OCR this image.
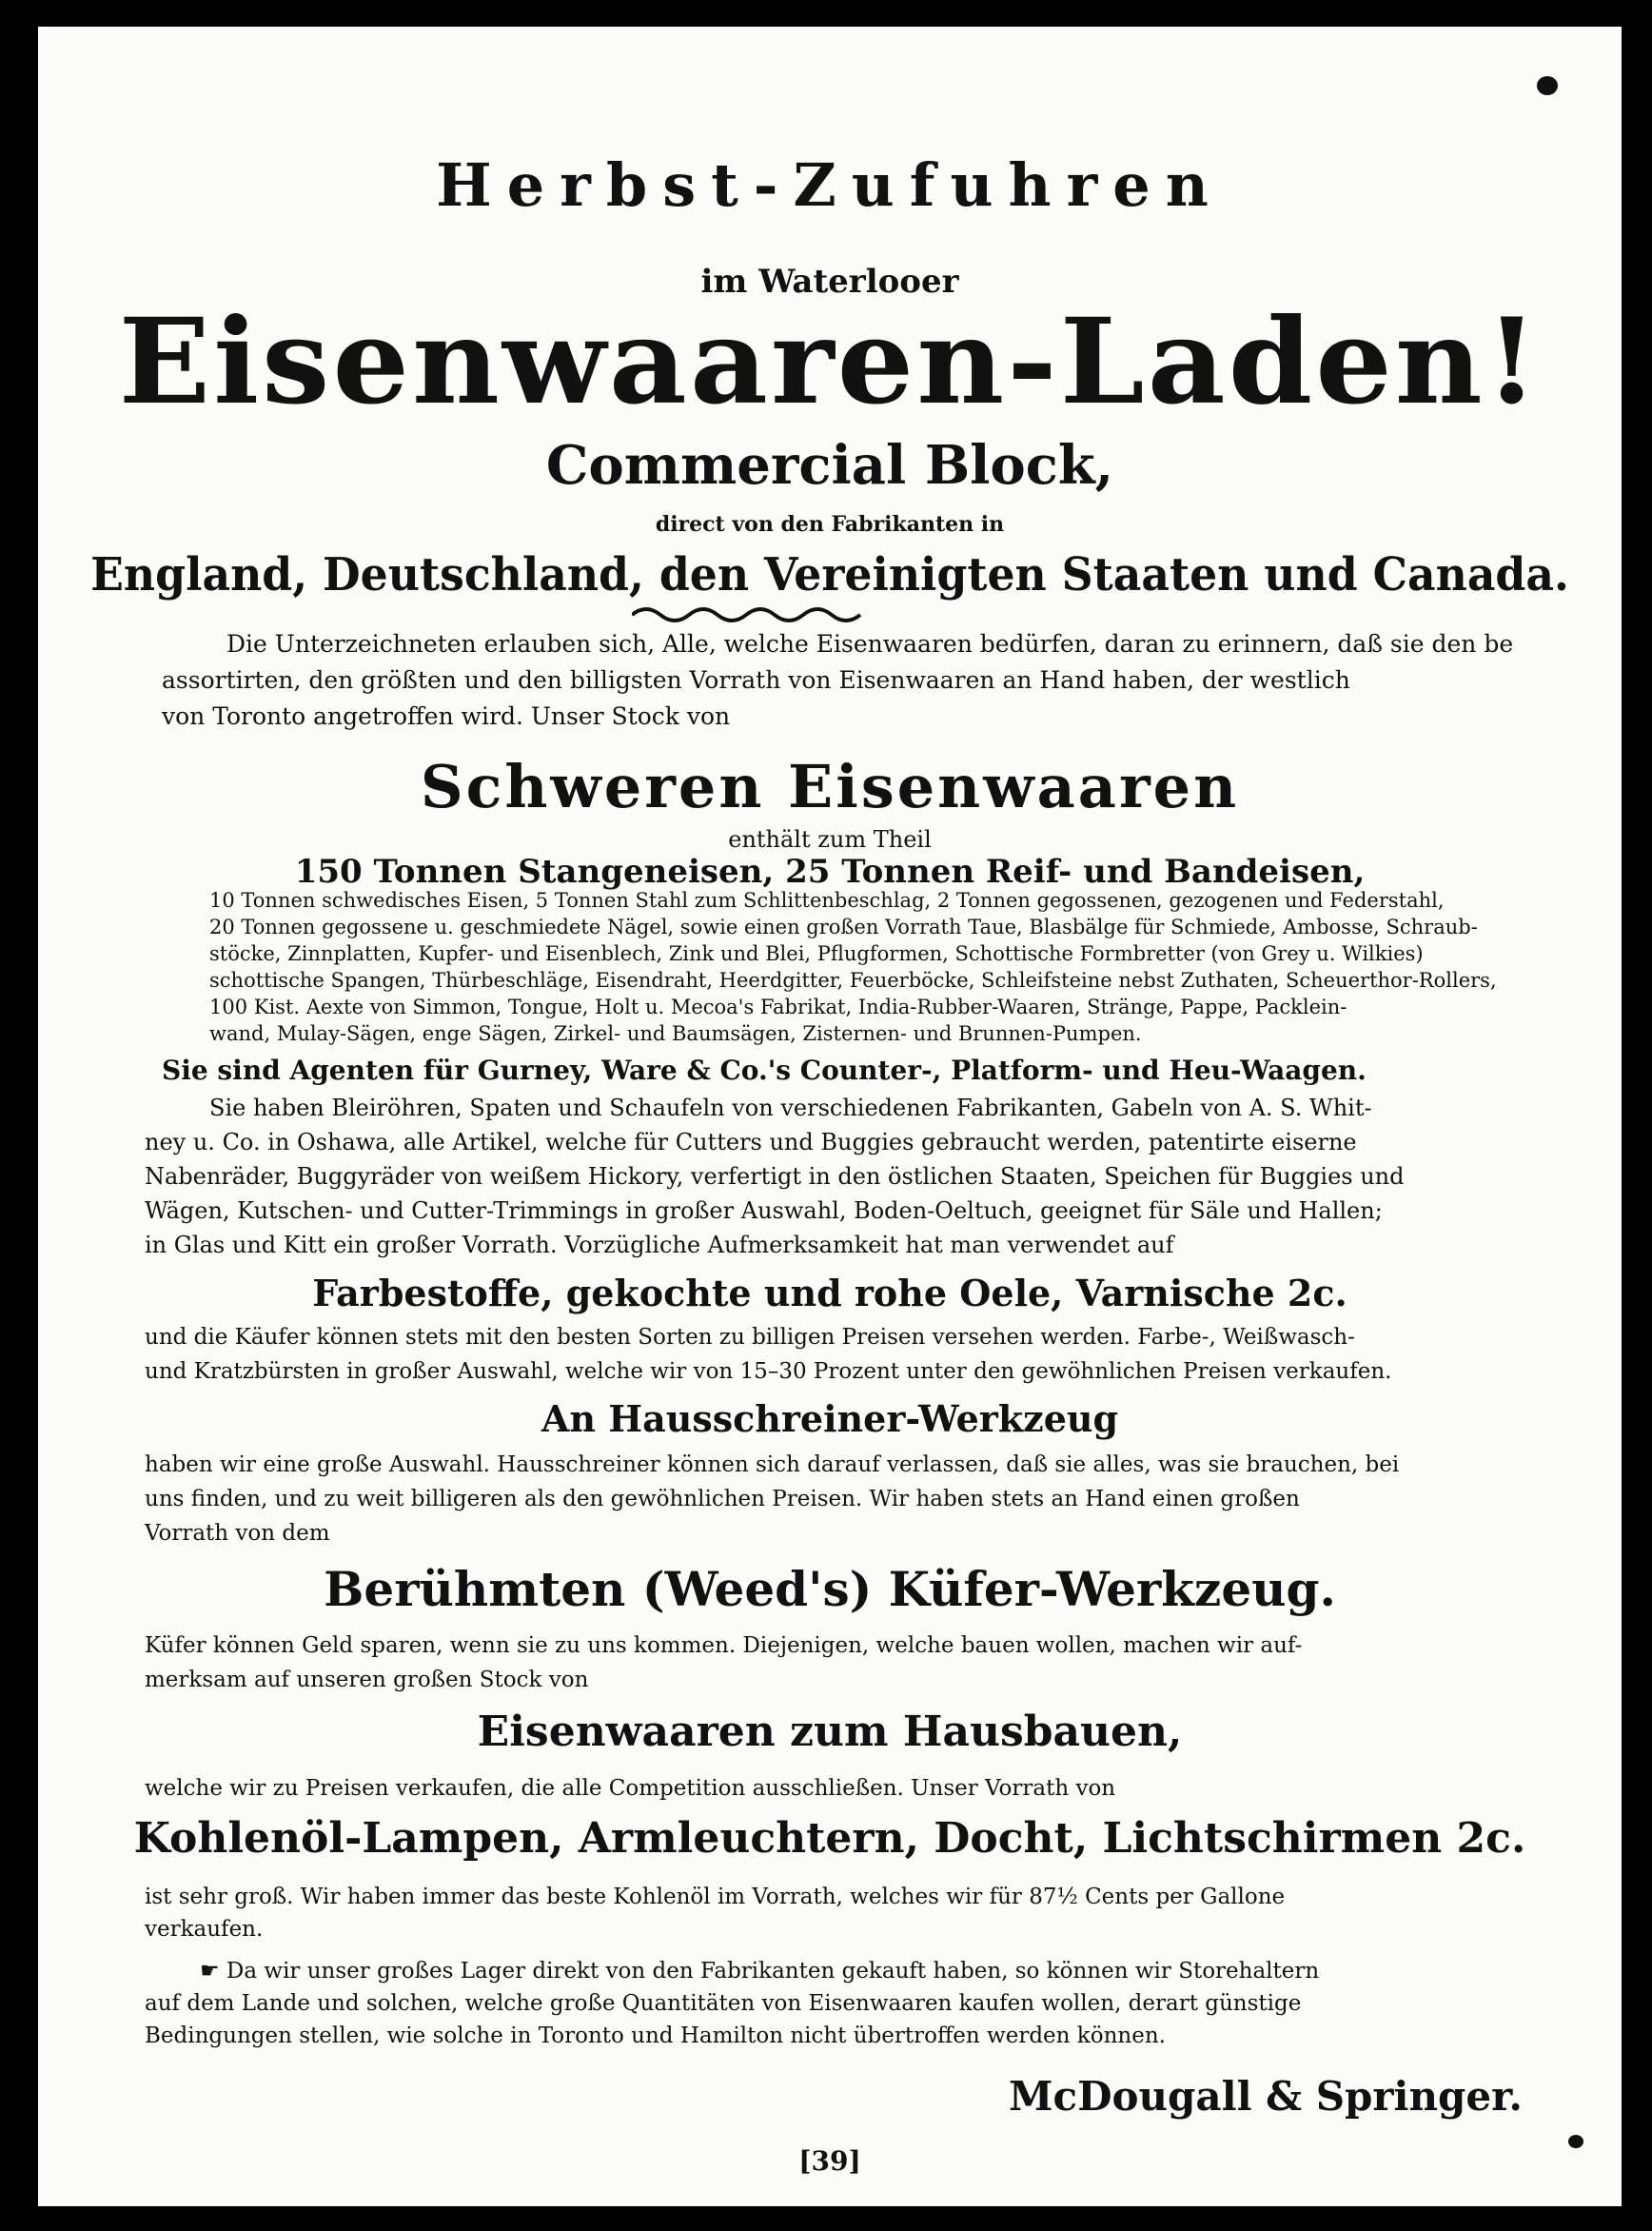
Herbst-Zufuhren
im Waterlooer
Eisenwaaren-Laden!
Commercial Block,
direct von den Fabrikanten in
England, Deutschland, den Vereinigten Staaten und Canada.
Die Unterzeichneten erlauben sich, Alle, welche Eisenwaaren bedürfen, daran zu erinnern, daß sie den be
assortirten, den größten und den billigsten Vorrath von Eisenwaaren an Hand haben, der westlich
von Toronto angetroffen wird. Unser Stock von
Schweren Eisenwaaren
enthält zum Theil
150 Tonnen Stangeneisen, 25 Tonnen Reif- und Bandeisen,
10 Tonnen schwedisches Eisen, 5 Tonnen Stahl zum Schlittenbeschlag, 2 Tonnen gegossenen, gezogenen und Federstahl,
20 Tonnen gegossene u. geschmiedete Nägel, sowie einen großen Vorrath Taue, Blasbälge für Schmiede, Ambosse, Schraub-
stöcke, Zinnplatten, Kupfer- und Eisenblech, Zink und Blei, Pflugformen, Schottische Formbretter (von Grey u. Wilkies)
schottische Spangen, Thürbeschläge, Eisendraht, Heerdgitter, Feuerböcke, Schleifsteine nebst Zuthaten, Scheuerthor-Rollers,
100 Kist. Aexte von Simmon, Tongue, Holt u. Mecoa's Fabrikat, India-Rubber-Waaren, Stränge, Pappe, Packlein-
wand, Mulay-Sägen, enge Sägen, Zirkel- und Baumsägen, Zisternen- und Brunnen-Pumpen.
Sie sind Agenten für Gurney, Ware & Co.'s Counter-, Platform- und Heu-Waagen.
Sie haben Bleiröhren, Spaten und Schaufeln von verschiedenen Fabrikanten, Gabeln von A. S. Whit-
ney u. Co. in Oshawa, alle Artikel, welche für Cutters und Buggies gebraucht werden, patentirte eiserne
Nabenräder, Buggyräder von weißem Hickory, verfertigt in den östlichen Staaten, Speichen für Buggies und
Wägen, Kutschen- und Cutter-Trimmings in großer Auswahl, Boden-Oeltuch, geeignet für Säle und Hallen;
in Glas und Kitt ein großer Vorrath. Vorzügliche Aufmerksamkeit hat man verwendet auf
Farbestoffe, gekochte und rohe Oele, Varnische 2c.
und die Käufer können stets mit den besten Sorten zu billigen Preisen versehen werden. Farbe-, Weißwasch-
und Kratzbürsten in großer Auswahl, welche wir von 15–30 Prozent unter den gewöhnlichen Preisen verkaufen.
An Hausschreiner-Werkzeug
haben wir eine große Auswahl. Hausschreiner können sich darauf verlassen, daß sie alles, was sie brauchen, bei
uns finden, und zu weit billigeren als den gewöhnlichen Preisen. Wir haben stets an Hand einen großen
Vorrath von dem
Berühmten (Weed's) Küfer-Werkzeug.
Küfer können Geld sparen, wenn sie zu uns kommen. Diejenigen, welche bauen wollen, machen wir auf-
merksam auf unseren großen Stock von
Eisenwaaren zum Hausbauen,
welche wir zu Preisen verkaufen, die alle Competition ausschließen. Unser Vorrath von
Kohlenöl-Lampen, Armleuchtern, Docht, Lichtschirmen 2c.
ist sehr groß. Wir haben immer das beste Kohlenöl im Vorrath, welches wir für 87½ Cents per Gallone
verkaufen.
☛ Da wir unser großes Lager direkt von den Fabrikanten gekauft haben, so können wir Storehaltern
auf dem Lande und solchen, welche große Quantitäten von Eisenwaaren kaufen wollen, derart günstige
Bedingungen stellen, wie solche in Toronto und Hamilton nicht übertroffen werden können.
McDougall & Springer.
[39]
